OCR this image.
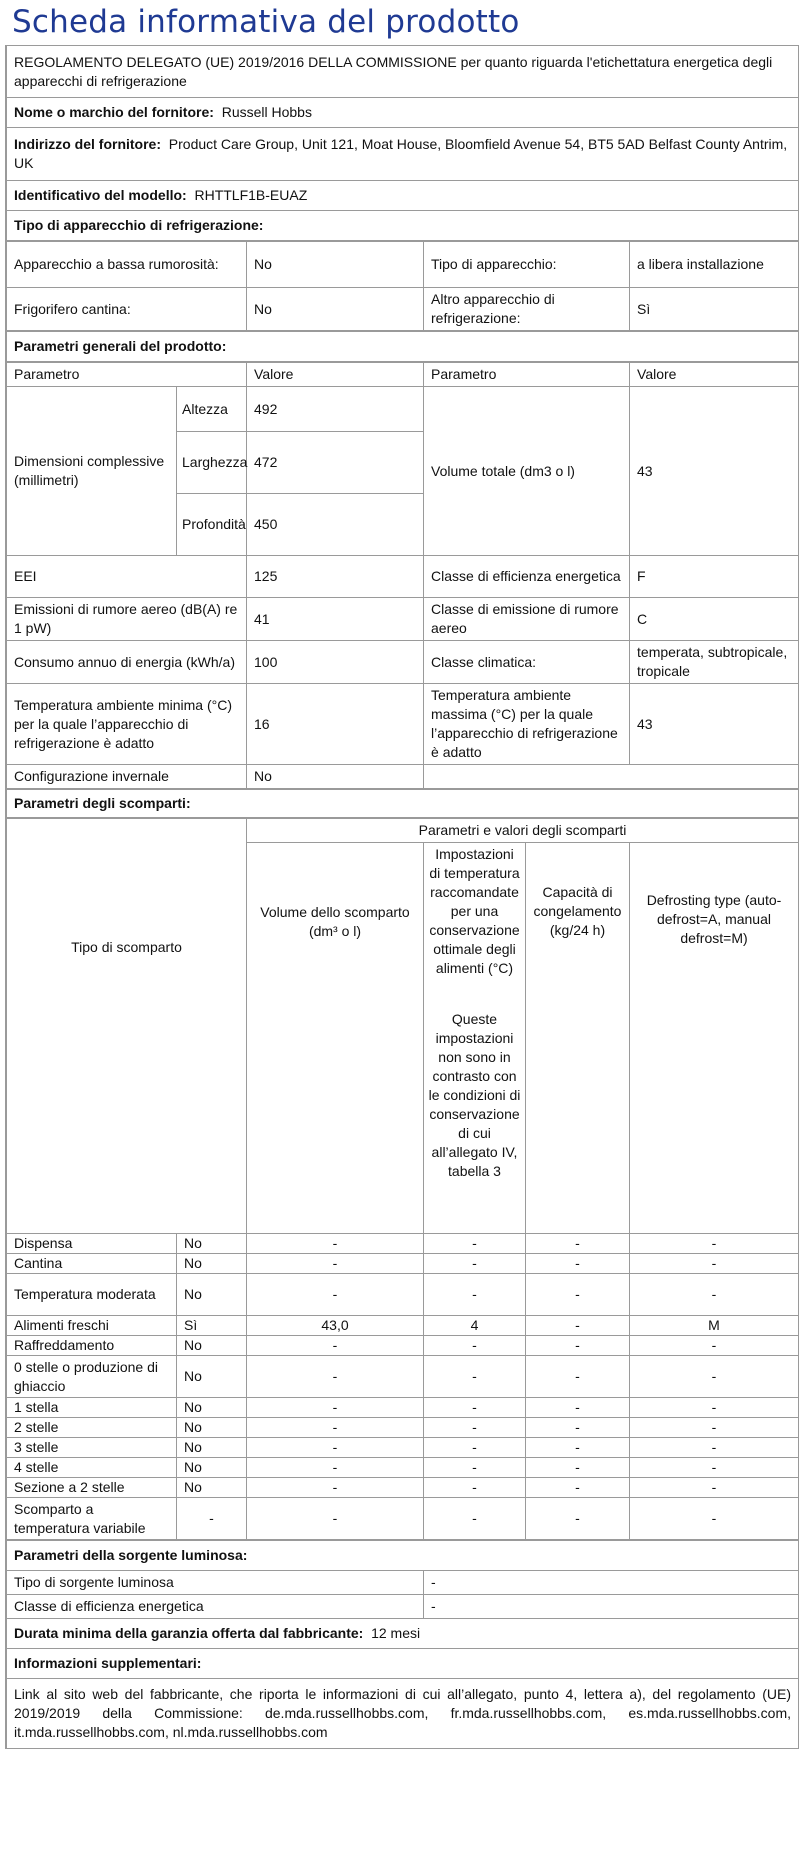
Scheda informativa del prodotto
REGOLAMENTO DELEGATO (UE) 2019/2016 DELLA COMMISSIONE per quanto riguarda l'etichettatura energetica degli apparecchi di refrigerazione
Nome o marchio del fornitore: Russell Hobbs
Indirizzo del fornitore: Product Care Group, Unit 121, Moat House, Bloomfield Avenue 54, BT5 5AD Belfast County Antrim, UK
Identificativo del modello: RHTTLF1B-EUAZ
Tipo di apparecchio di refrigerazione:
Apparecchio a bassa rumorosità:	No	Tipo di apparecchio:	a libera installazione
Frigorifero cantina:	No	Altro apparecchio di refrigerazione:	Sì
Parametri generali del prodotto:
Parametro		Valore	Parametro	Valore
Dimensioni complessive (millimetri)	Altezza	492	Volume totale (dm3 o l)	43
	Larghezza	472		
	Profondità	450		
EEI		125	Classe di efficienza energetica	F
Emissioni di rumore aereo (dB(A) re 1 pW)		41	Classe di emissione di rumore aereo	C
Consumo annuo di energia (kWh/a)		100	Classe climatica:	temperata, subtropicale, tropicale
Temperatura ambiente minima (°C) per la quale l’apparecchio di refrigerazione è adatto		16	Temperatura ambiente massima (°C) per la quale l’apparecchio di refrigerazione è adatto	43
Configurazione invernale		No		
Parametri degli scomparti:
Tipo di scomparto		Parametri e valori degli scomparti			
		Volume dello scomparto (dm³ o l)	Impostazioni di temperatura raccomandate per una conservazione ottimale degli alimenti (°C)	Capacità di congelamento (kg/24 h)	Defrosting type (auto-defrost=A, manual defrost=M)
			Queste impostazioni non sono in contrasto con le condizioni di conservazione di cui all’allegato IV, tabella 3		
Dispensa	No	-	-	-	-
Cantina	No	-	-	-	-
Temperatura moderata	No	-	-	-	-
Alimenti freschi	Sì	43,0	4	-	M
Raffreddamento	No	-	-	-	-
0 stelle o produzione di ghiaccio	No	-	-	-	-
1 stella	No	-	-	-	-
2 stelle	No	-	-	-	-
3 stelle	No	-	-	-	-
4 stelle	No	-	-	-	-
Sezione a 2 stelle	No	-	-	-	-
Scomparto a temperatura variabile	-	-	-	-	-
Parametri della sorgente luminosa:	
Tipo di sorgente luminosa	-
Classe di efficienza energetica	-
Durata minima della garanzia offerta dal fabbricante: 12 mesi	
Informazioni supplementari:	
Link al sito web del fabbricante, che riporta le informazioni di cui all’allegato, punto 4, lettera a), del regolamento (UE) 2019/2019 della Commissione: de.mda.russellhobbs.com, fr.mda.russellhobbs.com, es.mda.russellhobbs.com, it.mda.russellhobbs.com, nl.mda.russellhobbs.com	
